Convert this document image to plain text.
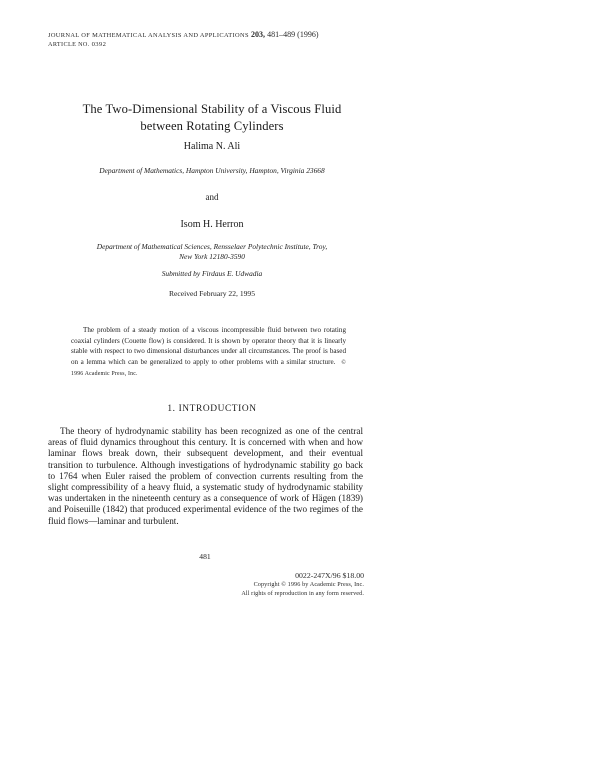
JOURNAL OF MATHEMATICAL ANALYSIS AND APPLICATIONS 203, 481–489 (1996)
ARTICLE NO. 0392
The Two-Dimensional Stability of a Viscous Fluid
between Rotating Cylinders
Halima N. Ali
Department of Mathematics, Hampton University, Hampton, Virginia 23668
and
Isom H. Herron
Department of Mathematical Sciences, Rensselaer Polytechnic Institute, Troy,
New York 12180-3590
Submitted by Firdaus E. Udwadia
Received February 22, 1995
The problem of a steady motion of a viscous incompressible fluid between two rotating coaxial cylinders (Couette flow) is considered. It is shown by operator theory that it is linearly stable with respect to two dimensional disturbances under all circumstances. The proof is based on a lemma which can be generalized to apply to other problems with a similar structure. © 1996 Academic Press, Inc.
1. INTRODUCTION
The theory of hydrodynamic stability has been recognized as one of the central areas of fluid dynamics throughout this century. It is concerned with when and how laminar flows break down, their subsequent development, and their eventual transition to turbulence. Although investigations of hydrodynamic stability go back to 1764 when Euler raised the problem of convection currents resulting from the slight compressibility of a heavy fluid, a systematic study of hydrodynamic stability was undertaken in the nineteenth century as a consequence of work of Hägen (1839) and Poiseuille (1842) that produced experimental evidence of the two regimes of the fluid flows—laminar and turbulent.
481
0022-247X/96 $18.00
Copyright © 1996 by Academic Press, Inc.
All rights of reproduction in any form reserved.
